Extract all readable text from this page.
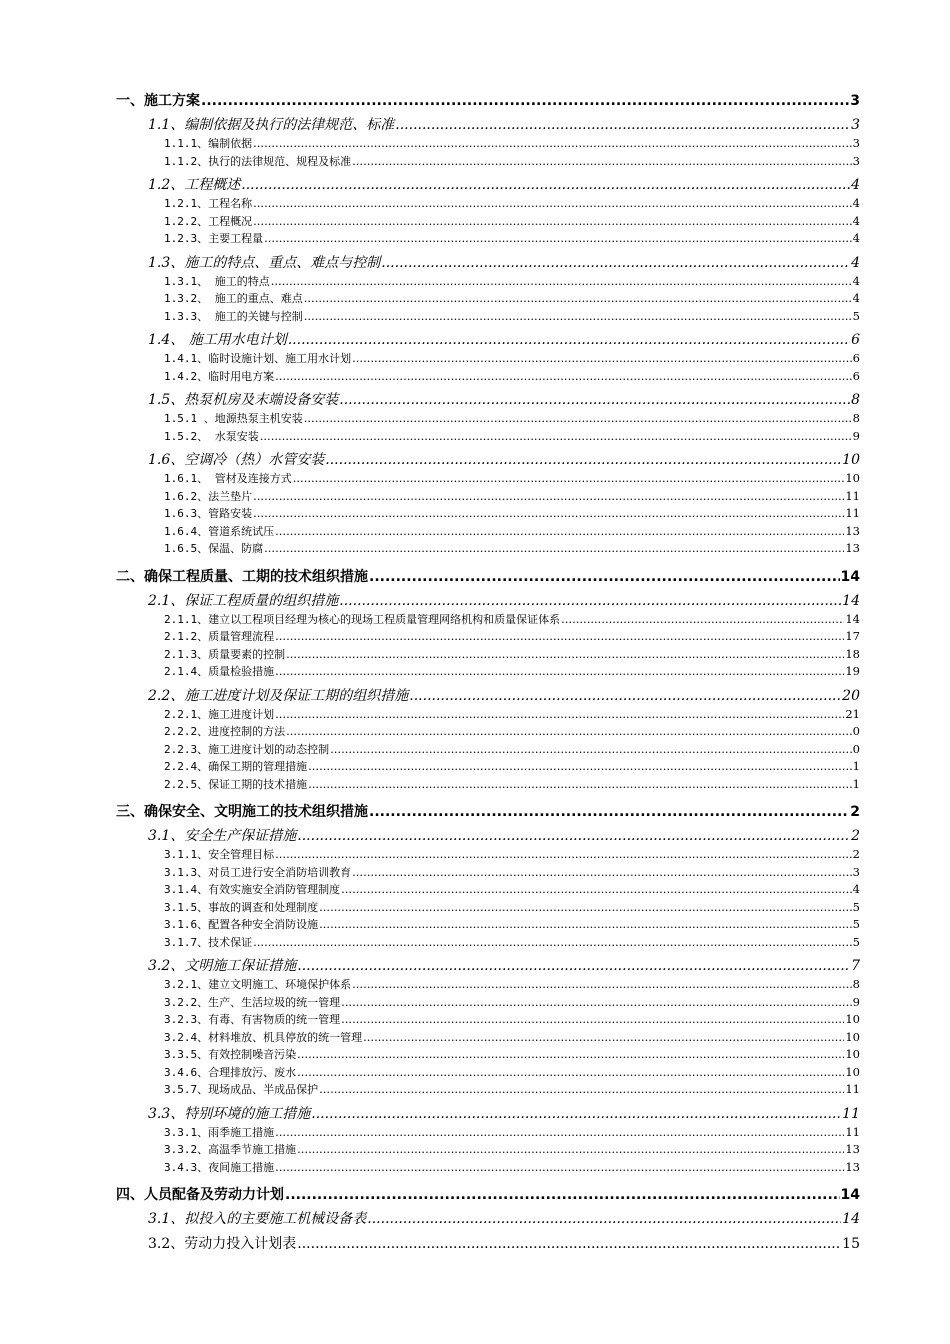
一、施工方案 .....	3
1.1、编制依据及执行的法律规范、标准 .....	3
1.1.1、编制依据 .....	3
1.1.2、执行的法律规范、规程及标准 .....	3
1.2、工程概述 .....	4
1.2.1、工程名称 .....	4
1.2.2、工程概况 .....	4
1.2.3、主要工程量 .....	4
1.3、施工的特点、重点、难点与控制 .....	4
1.3.1、 施工的特点 .....	4
1.3.2、 施工的重点、难点 .....	4
1.3.3、 施工的关键与控制 .....	5
1.4、 施工用水电计划 .....	6
1.4.1、临时设施计划、施工用水计划 .....	6
1.4.2、临时用电方案 .....	6
1.5、热泵机房及末端设备安装 .....	8
1.5.1 、地源热泵主机安装 .....	8
1.5.2、 水泵安装 .....	9
1.6、空调冷（热）水管安装 .....	10
1.6.1、 管材及连接方式 .....	10
1.6.2、法兰垫片 .....	11
1.6.3、管路安装 .....	11
1.6.4、管道系统试压 .....	13
1.6.5、保温、防腐 .....	13
二、确保工程质量、工期的技术组织措施 .....	14
2.1、保证工程质量的组织措施 .....	14
2.1.1、建立以工程项目经理为核心的现场工程质量管理网络机构和质量保证体系 .....	14
2.1.2、质量管理流程 .....	17
2.1.3、质量要素的控制 .....	18
2.1.4、质量检验措施 .....	19
2.2、施工进度计划及保证工期的组织措施 .....	20
2.2.1、施工进度计划 .....	21
2.2.2、进度控制的方法 .....	0
2.2.3、施工进度计划的动态控制 .....	0
2.2.4、确保工期的管理措施 .....	1
2.2.5、保证工期的技术措施 .....	1
三、确保安全、文明施工的技术组织措施 .....	2
3.1、安全生产保证措施 .....	2
3.1.1、安全管理目标 .....	2
3.1.3、对员工进行安全消防培训教育 .....	3
3.1.4、有效实施安全消防管理制度 .....	4
3.1.5、事故的调查和处理制度 .....	5
3.1.6、配置各种安全消防设施 .....	5
3.1.7、技术保证 .....	5
3.2、文明施工保证措施 .....	7
3.2.1、建立文明施工、环境保护体系 .....	8
3.2.2、生产、生活垃圾的统一管理 .....	9
3.2.3、有毒、有害物质的统一管理 .....	10
3.2.4、材料堆放、机具停放的统一管理 .....	10
3.3.5、有效控制噪音污染 .....	10
3.4.6、合理排放污、废水 .....	10
3.5.7、现场成品、半成品保护 .....	11
3.3、特别环境的施工措施 .....	11
3.3.1、雨季施工措施 .....	11
3.3.2、高温季节施工措施 .....	13
3.4.3、夜间施工措施 .....	13
四、人员配备及劳动力计划 .....	14
3.1、拟投入的主要施工机械设备表 .....	14
3.2、劳动力投入计划表 .....	15
